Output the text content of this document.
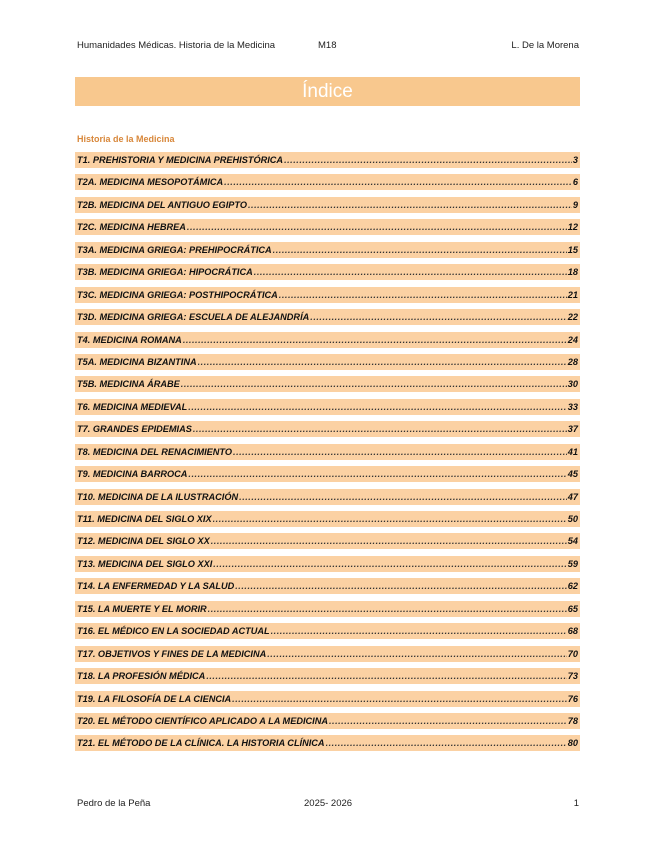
Humanidades Médicas. Historia de la Medicina	M18	L. De la Morena
Índice
Historia de la Medicina
T1. PREHISTORIA Y MEDICINA PREHISTÓRICA .....	3
T2A. MEDICINA MESOPOTÁMICA .....	6
T2B. MEDICINA DEL ANTIGUO EGIPTO .....	9
T2C. MEDICINA HEBREA .....	12
T3A. MEDICINA GRIEGA: PREHIPOCRÁTICA .....	15
T3B. MEDICINA GRIEGA: HIPOCRÁTICA .....	18
T3C. MEDICINA GRIEGA: POSTHIPOCRÁTICA .....	21
T3D. MEDICINA GRIEGA: ESCUELA DE ALEJANDRÍA .....	22
T4. MEDICINA ROMANA .....	24
T5A. MEDICINA BIZANTINA .....	28
T5B. MEDICINA ÁRABE .....	30
T6. MEDICINA MEDIEVAL .....	33
T7. GRANDES EPIDEMIAS .....	37
T8. MEDICINA DEL RENACIMIENTO .....	41
T9. MEDICINA BARROCA .....	45
T10. MEDICINA DE LA ILUSTRACIÓN .....	47
T11. MEDICINA DEL SIGLO XIX .....	50
T12. MEDICINA DEL SIGLO XX .....	54
T13. MEDICINA DEL SIGLO XXI .....	59
T14. LA ENFERMEDAD Y LA SALUD .....	62
T15. LA MUERTE Y EL MORIR .....	65
T16. EL MÉDICO EN LA SOCIEDAD ACTUAL .....	68
T17. OBJETIVOS Y FINES DE LA MEDICINA .....	70
T18. LA PROFESIÓN MÉDICA .....	73
T19. LA FILOSOFÍA DE LA CIENCIA .....	76
T20. EL MÉTODO CIENTÍFICO APLICADO A LA MEDICINA .....	78
T21. EL MÉTODO DE LA CLÍNICA. LA HISTORIA CLÍNICA .....	80
Pedro de la Peña	2025- 2026	1
